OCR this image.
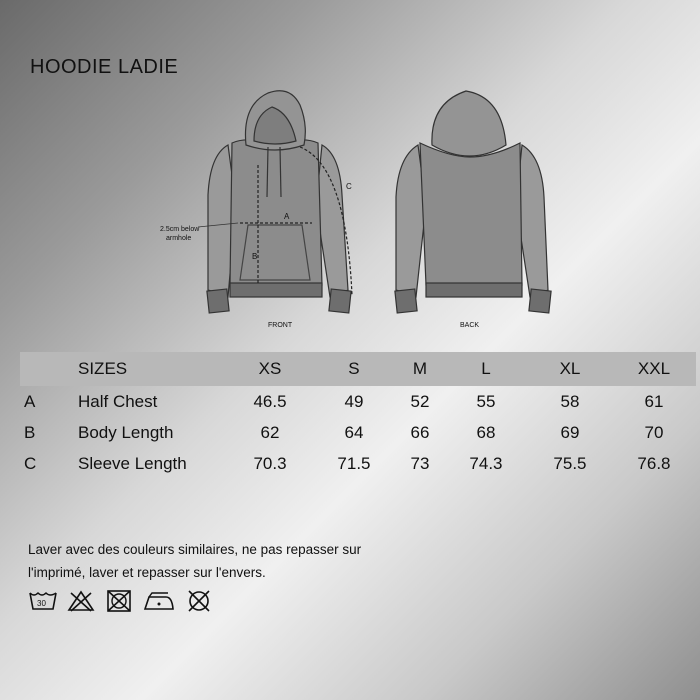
HOODIE LADIE
A
B
C
2.5cm below
armhole
FRONT	BACK
	SIZES	XS	S	M	L	XL	XXL
A	Half Chest	46.5	49	52	55	58	61
B	Body Length	62	64	66	68	69	70
C	Sleeve Length	70.3	71.5	73	74.3	75.5	76.8
Laver avec des couleurs similaires, ne pas repasser sur
l'imprimé, laver et repasser sur l'envers.
30
